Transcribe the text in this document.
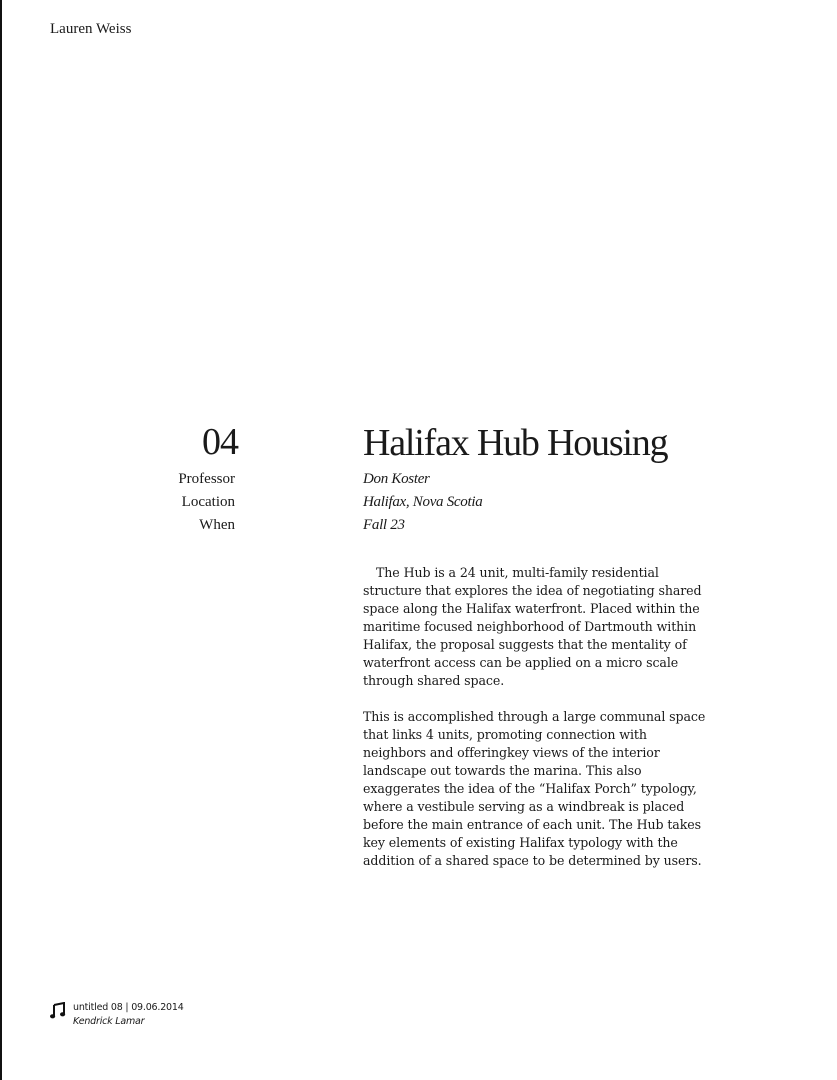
Lauren Weiss
04
Professor
Location
When
Halifax Hub Housing
Don Koster
Halifax, Nova Scotia
Fall 23

The Hub is a 24 unit, multi-family residential structure that explores the idea of negotiating shared space along the Halifax waterfront. Placed within the maritime focused neighborhood of Dartmouth within Halifax, the proposal suggests that the mentality of waterfront access can be applied on a micro scale through shared space.

This is accomplished through a large communal space that links 4 units, promoting connection with neighbors and offeringkey views of the interior landscape out towards the marina. This also exaggerates the idea of the “Halifax Porch” typology, where a vestibule serving as a windbreak is placed before the main entrance of each unit. The Hub takes key elements of existing Halifax typology with the addition of a shared space to be determined by users.

untitled 08 | 09.06.2014
Kendrick Lamar
